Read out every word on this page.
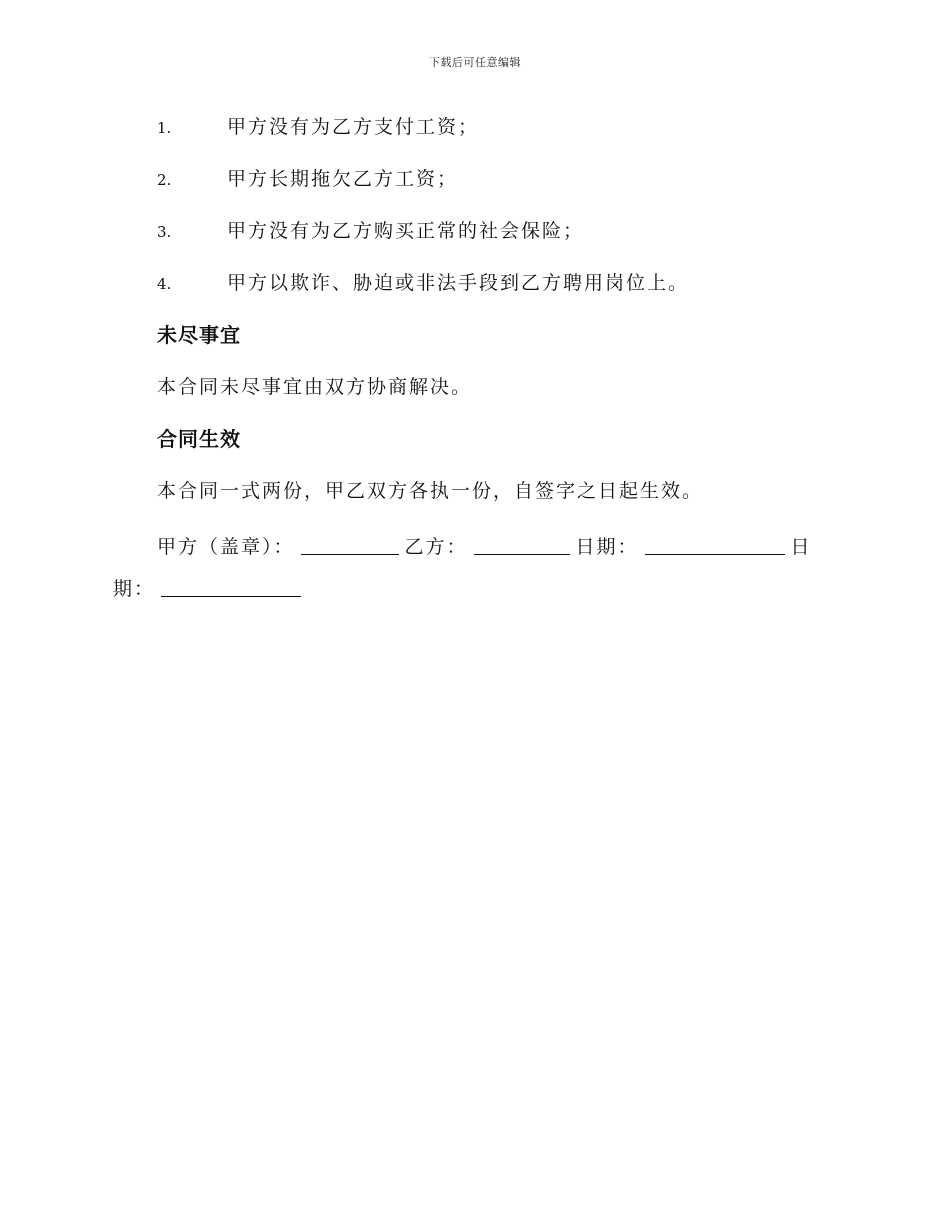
下载后可任意编辑
1.	甲方没有为乙方支付工资；
2.	甲方长期拖欠乙方工资；
3.	甲方没有为乙方购买正常的社会保险；
4.	甲方以欺诈、胁迫或非法手段到乙方聘用岗位上。
未尽事宜
本合同未尽事宜由双方协商解决。
合同生效
本合同一式两份，甲乙双方各执一份，自签字之日起生效。
甲方（盖章）：	乙方：	日期：	日期：
